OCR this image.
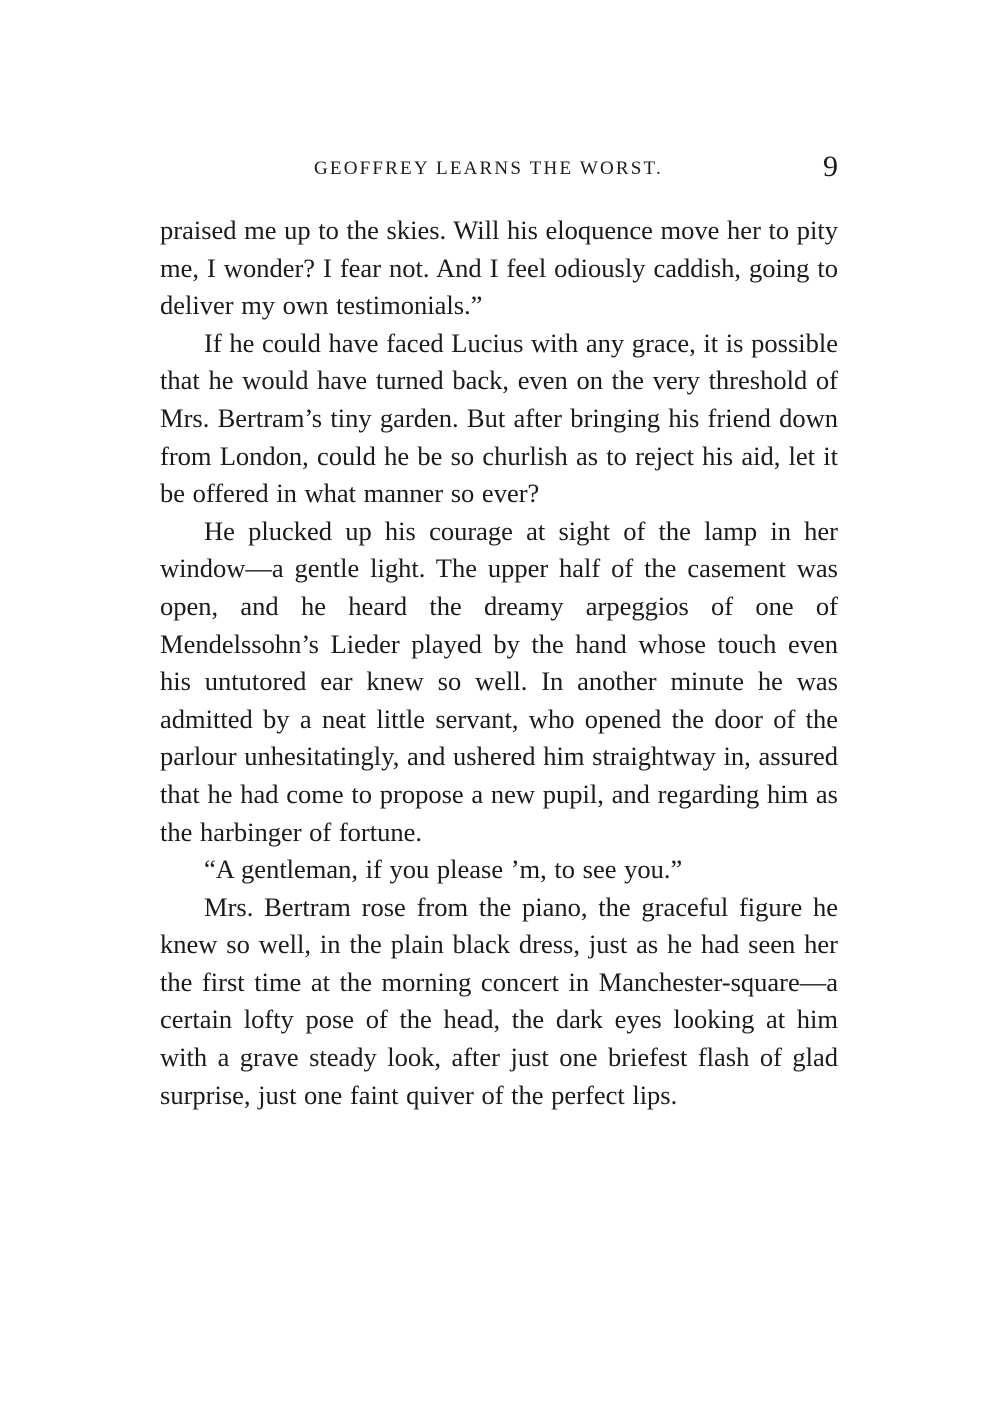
GEOFFREY LEARNS THE WORST.	9

praised me up to the skies. Will his eloquence move her to pity me, I wonder? I fear not. And I feel odiously caddish, going to deliver my own testimonials.”

If he could have faced Lucius with any grace, it is possible that he would have turned back, even on the very threshold of Mrs. Bertram’s tiny garden. But after bringing his friend down from London, could he be so churlish as to reject his aid, let it be offered in what manner so ever?

He plucked up his courage at sight of the lamp in her window—a gentle light. The upper half of the casement was open, and he heard the dreamy arpeggios of one of Mendelssohn’s Lieder played by the hand whose touch even his untutored ear knew so well. In another minute he was admitted by a neat little servant, who opened the door of the parlour unhesitatingly, and ushered him straightway in, assured that he had come to propose a new pupil, and regarding him as the harbinger of fortune.

“A gentleman, if you please ’m, to see you.”

Mrs. Bertram rose from the piano, the graceful figure he knew so well, in the plain black dress, just as he had seen her the first time at the morning concert in Manchester-square—a certain lofty pose of the head, the dark eyes looking at him with a grave steady look, after just one briefest flash of glad surprise, just one faint quiver of the perfect lips.
